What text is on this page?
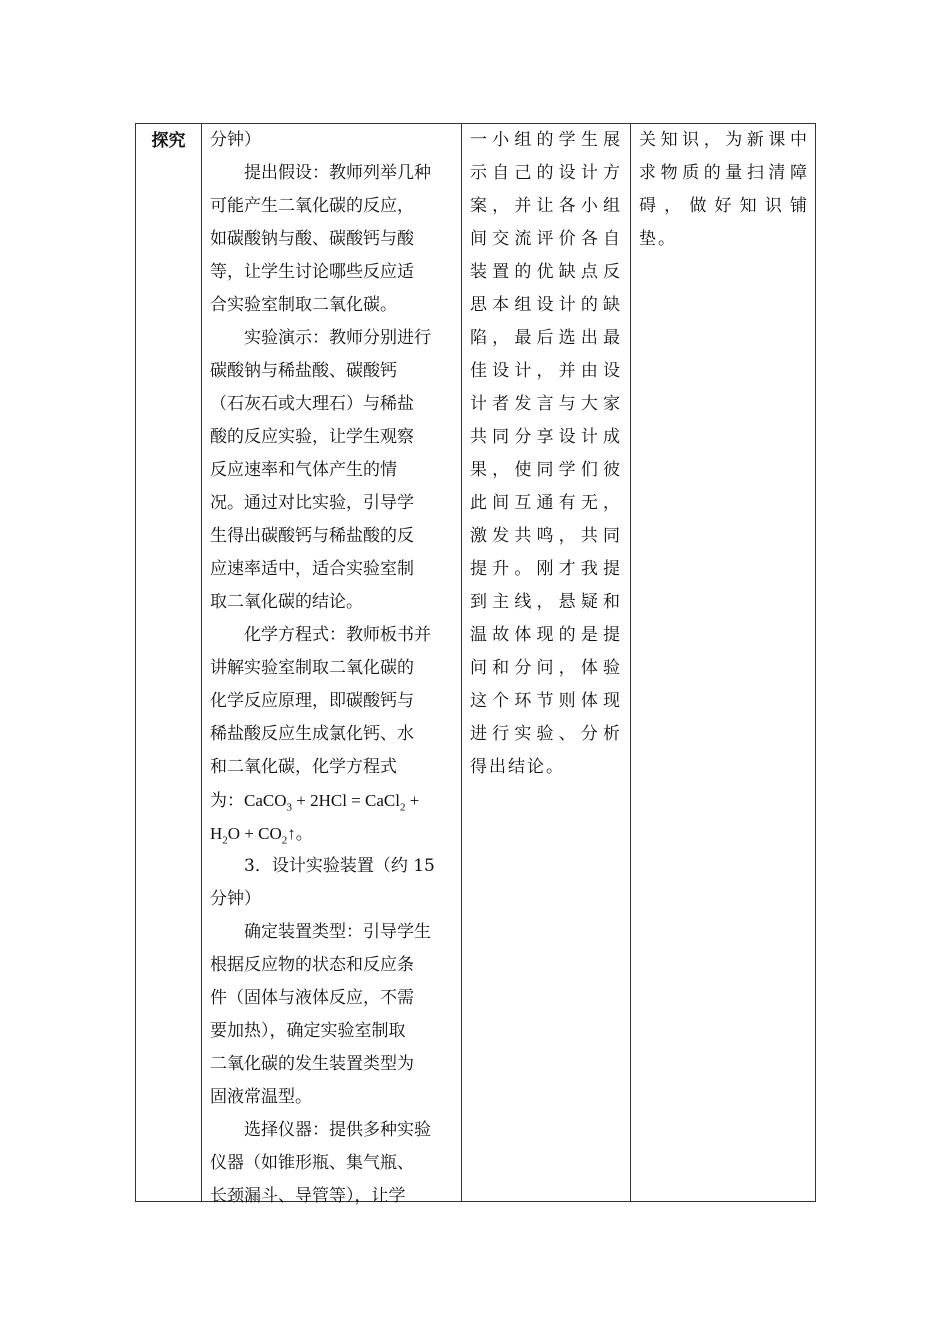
探究	分钟）

提出假设：教师列举几种

可能产生二氧化碳的反应，

如碳酸钠与酸、碳酸钙与酸

等，让学生讨论哪些反应适

合实验室制取二氧化碳。

实验演示：教师分别进行

碳酸钠与稀盐酸、碳酸钙

（石灰石或大理石）与稀盐

酸的反应实验，让学生观察

反应速率和气体产生的情

况。通过对比实验，引导学

生得出碳酸钙与稀盐酸的反

应速率适中，适合实验室制

取二氧化碳的结论。

化学方程式：教师板书并

讲解实验室制取二氧化碳的

化学反应原理，即碳酸钙与

稀盐酸反应生成氯化钙、水

和二氧化碳，化学方程式

为：CaCO$_3$ + 2HCl = CaCl$_2$ +

$H_2O$ + $CO_2↑$。

3．设计实验装置（约 15

分钟）

确定装置类型：引导学生

根据反应物的状态和反应条

件（固体与液体反应，不需

要加热），确定实验室制取

二氧化碳的发生装置类型为

固液常温型。

选择仪器：提供多种实验

仪器（如锥形瓶、集气瓶、

长颈漏斗、导管等），让学

一小组的学生展

示自己的设计方

案，并让各小组

间交流评价各自

装置的优缺点反

思本组设计的缺

陷，最后选出最

佳设计，并由设

计者发言与大家

共同分享设计成

果，使同学们彼

此间互通有无，

激发共鸣，共同

提升。刚才我提

到主线，悬疑和

温故体现的是提

问和分问，体验

这个环节则体现

进行实验、分析

得出结论。

关知识，为新课中

求物质的量扫清障

碍，做好知识铺

垫。
